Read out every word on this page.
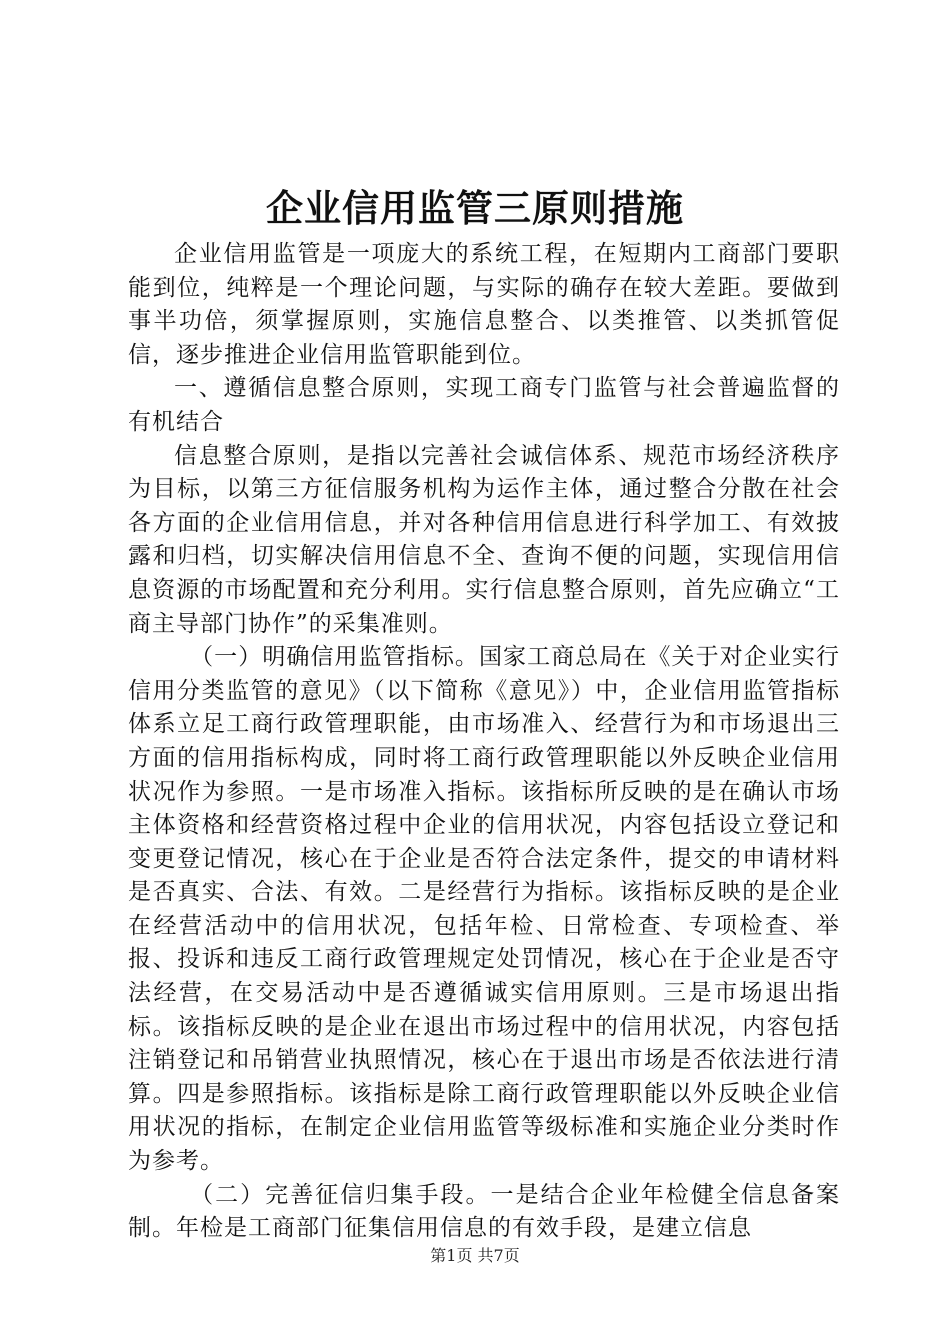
企业信用监管三原则措施

企业信用监管是一项庞大的系统工程，在短期内工商部门要职能到位，纯粹是一个理论问题，与实际的确存在较大差距。要做到事半功倍，须掌握原则，实施信息整合、以类推管、以类抓管促信，逐步推进企业信用监管职能到位。

一、遵循信息整合原则，实现工商专门监管与社会普遍监督的有机结合

信息整合原则，是指以完善社会诚信体系、规范市场经济秩序为目标，以第三方征信服务机构为运作主体，通过整合分散在社会各方面的企业信用信息，并对各种信用信息进行科学加工、有效披露和归档，切实解决信用信息不全、查询不便的问题，实现信用信息资源的市场配置和充分利用。实行信息整合原则，首先应确立“工商主导部门协作”的采集准则。

（一）明确信用监管指标。国家工商总局在《关于对企业实行信用分类监管的意见》（以下简称《意见》）中，企业信用监管指标体系立足工商行政管理职能，由市场准入、经营行为和市场退出三方面的信用指标构成，同时将工商行政管理职能以外反映企业信用状况作为参照。一是市场准入指标。该指标所反映的是在确认市场主体资格和经营资格过程中企业的信用状况，内容包括设立登记和变更登记情况，核心在于企业是否符合法定条件，提交的申请材料是否真实、合法、有效。二是经营行为指标。该指标反映的是企业在经营活动中的信用状况，包括年检、日常检查、专项检查、举报、投诉和违反工商行政管理规定处罚情况，核心在于企业是否守法经营，在交易活动中是否遵循诚实信用原则。三是市场退出指标。该指标反映的是企业在退出市场过程中的信用状况，内容包括注销登记和吊销营业执照情况，核心在于退出市场是否依法进行清算。四是参照指标。该指标是除工商行政管理职能以外反映企业信用状况的指标，在制定企业信用监管等级标准和实施企业分类时作为参考。

（二）完善征信归集手段。一是结合企业年检健全信息备案制。年检是工商部门征集信用信息的有效手段，是建立信息

第1页 共7页
